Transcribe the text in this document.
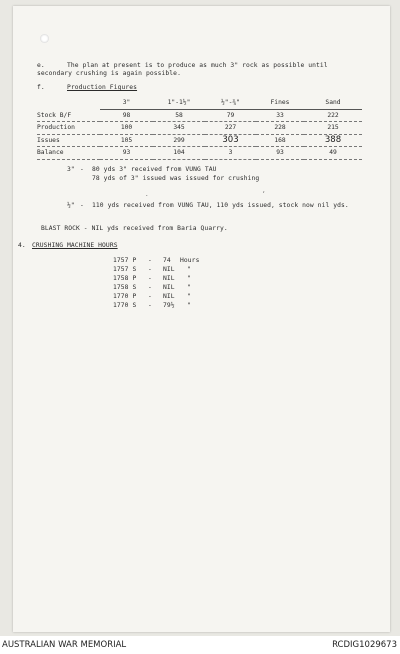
e.	The plan at present is to produce as much 3" rock as possible until
secondary crushing is again possible.
f.	Production Figures
	3"	1"-1½"	½"-¾"	Fines	Sand
Stock B/F	98	58	79	33	222
Production	100	345	227	228	215
Issues	105	299	303	168	388
Balance	93	104	3	93	49
3" - 80 yds 3" received from VUNG TAU
78 yds of 3" issued was issued for crushing
,
.
½" - 110 yds received from VUNG TAU, 110 yds issued, stock now nil yds.
BLAST ROCK - NIL yds received from Baria Quarry.
4. CRUSHING MACHINE HOURS
1757 P - 74 Hours
1757 S - NIL "
1758 P - NIL "
1758 S - NIL "
1770 P - NIL "
1770 S - 79½ "
AUSTRALIAN WAR MEMORIAL	RCDIG1029673
